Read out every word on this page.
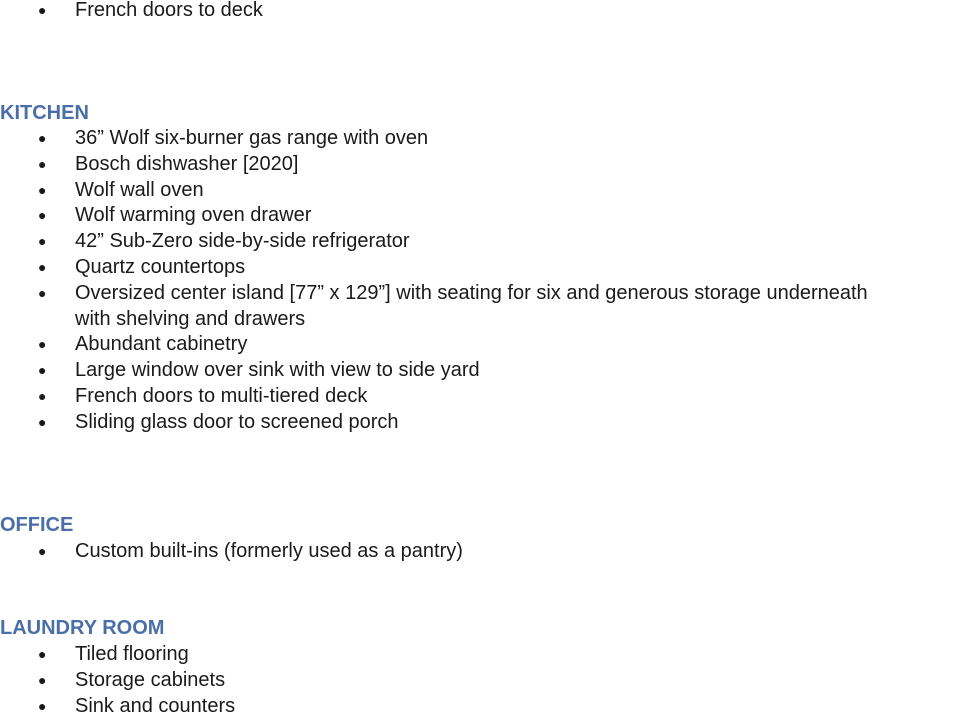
● French doors to deck
KITCHEN
● 36” Wolf six-burner gas range with oven
● Bosch dishwasher [2020]
● Wolf wall oven
● Wolf warming oven drawer
● 42” Sub-Zero side-by-side refrigerator
● Quartz countertops
● Oversized center island [77” x 129”] with seating for six and generous storage underneath
with shelving and drawers
● Abundant cabinetry
● Large window over sink with view to side yard
● French doors to multi-tiered deck
● Sliding glass door to screened porch
OFFICE
● Custom built-ins (formerly used as a pantry)
LAUNDRY ROOM
● Tiled flooring
● Storage cabinets
● Sink and counters
